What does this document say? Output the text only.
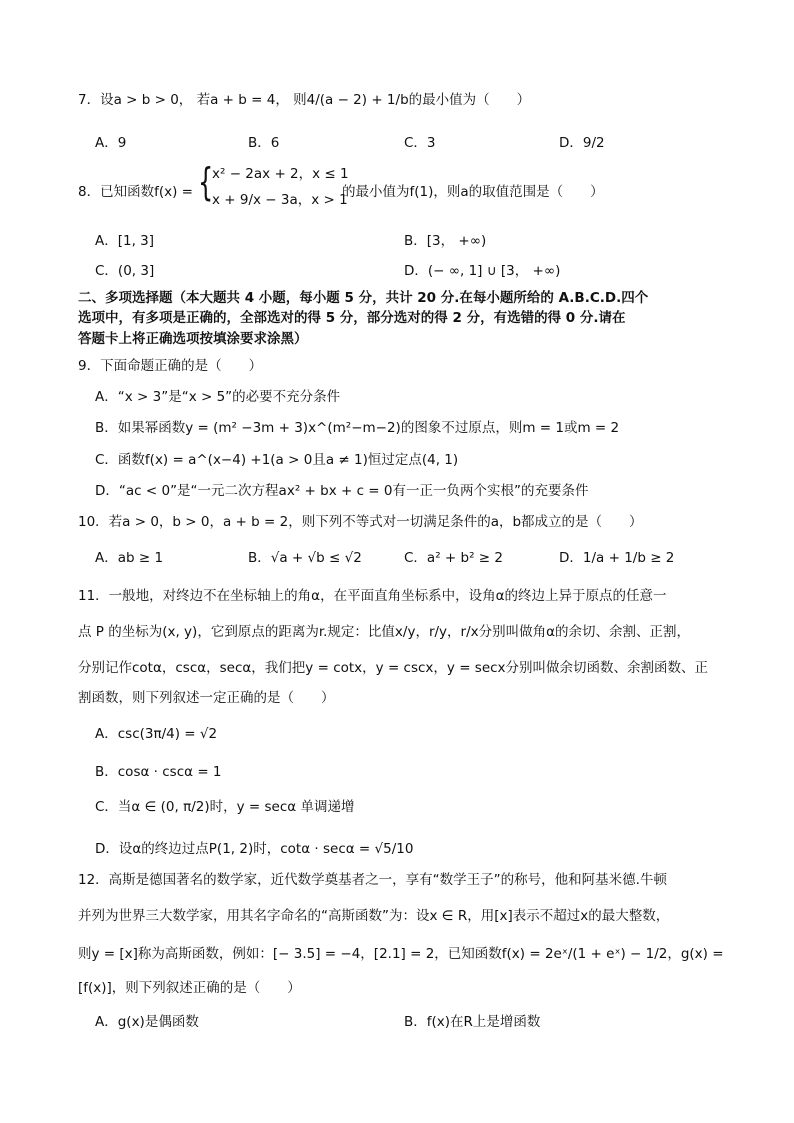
7．设a > b > 0， 若a + b = 4， 则4/(a − 2) + 1/b的最小值为（　　）
A．9	B．6	C．3	D．9/2
8．已知函数f(x) = {
x² − 2ax + 2，x ≤ 1
x + 9/x − 3a，x > 1
的最小值为f(1)，则a的取值范围是（　　）
A．[1, 3]	B．[3， +∞)
C．(0, 3]	D．(− ∞, 1] ∪ [3， +∞)
二、多项选择题（本大题共 4 小题，每小题 5 分，共计 20 分.在每小题所给的 A.B.C.D.四个
选项中，有多项是正确的，全部选对的得 5 分，部分选对的得 2 分，有选错的得 0 分.请在
答题卡上将正确选项按填涂要求涂黑）
9．下面命题正确的是（　　）
A．“x > 3”是“x > 5”的必要不充分条件
B．如果幂函数y = (m² −3m + 3)x^(m²−m−2)的图象不过原点，则m = 1或m = 2
C．函数f(x) = a^(x−4) +1(a > 0且a ≠ 1)恒过定点(4, 1)
D．“ac < 0”是“一元二次方程ax² + bx + c = 0有一正一负两个实根”的充要条件
10．若a > 0，b > 0，a + b = 2，则下列不等式对一切满足条件的a，b都成立的是（　　）
A．ab ≥ 1	B．√a + √b ≤ √2	C．a² + b² ≥ 2	D．1/a + 1/b ≥ 2
11．一般地，对终边不在坐标轴上的角α，在平面直角坐标系中，设角α的终边上异于原点的任意一
点 P 的坐标为(x, y)，它到原点的距离为r.规定：比值x/y，r/y，r/x分别叫做角α的余切、余割、正割，
分别记作cotα，cscα，secα，我们把y = cotx，y = cscx，y = secx分别叫做余切函数、余割函数、正
割函数，则下列叙述一定正确的是（　　）
A．csc(3π/4) = √2
B．cosα · cscα = 1
C．当α ∈ (0, π/2)时，y = secα 单调递增
D．设α的终边过点P(1, 2)时，cotα · secα = √5/10
12．高斯是德国著名的数学家，近代数学奠基者之一，享有“数学王子”的称号，他和阿基米德.牛顿
并列为世界三大数学家，用其名字命名的“高斯函数”为：设x ∈ R，用[x]表示不超过x的最大整数，
则y = [x]称为高斯函数，例如：[− 3.5] = −4，[2.1] = 2，已知函数f(x) = 2eˣ/(1 + eˣ) − 1/2，g(x) =
[f(x)]，则下列叙述正确的是（　　）
A．g(x)是偶函数	B．f(x)在R上是增函数
